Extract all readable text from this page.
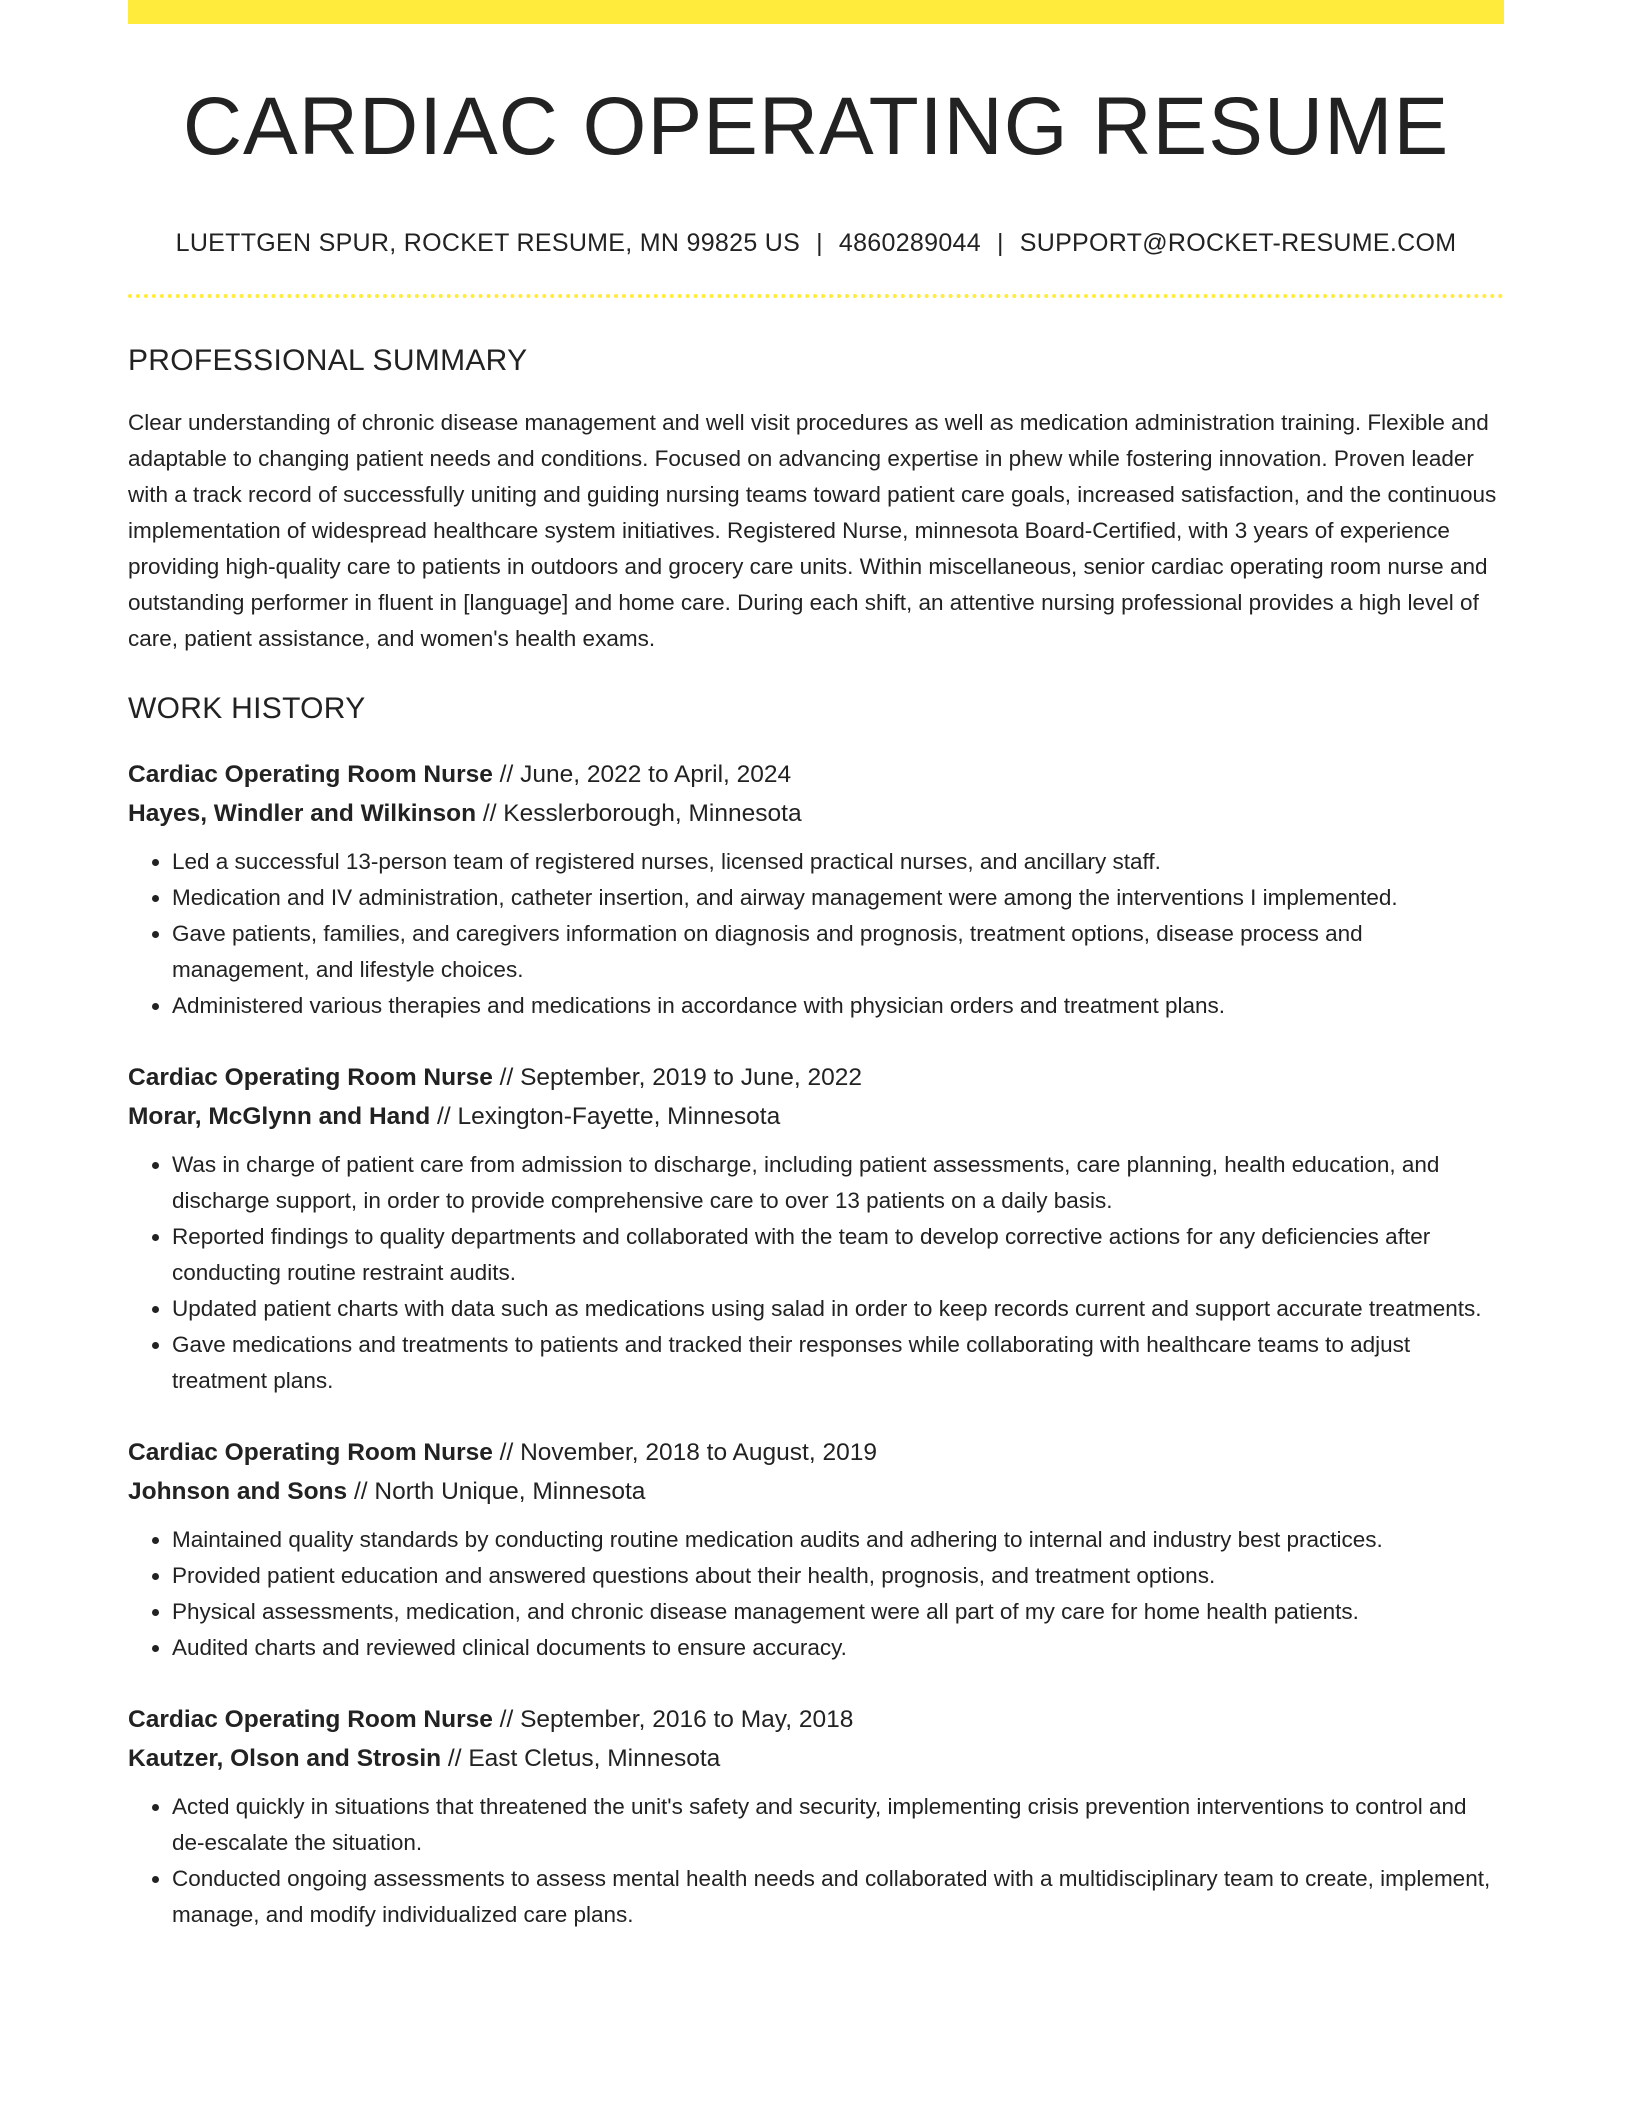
CARDIAC OPERATING RESUME
LUETTGEN SPUR, ROCKET RESUME, MN 99825 US | 4860289044 | SUPPORT@ROCKET-RESUME.COM
PROFESSIONAL SUMMARY

Clear understanding of chronic disease management and well visit procedures as well as medication administration training. Flexible and adaptable to changing patient needs and conditions. Focused on advancing expertise in phew while fostering innovation. Proven leader with a track record of successfully uniting and guiding nursing teams toward patient care goals, increased satisfaction, and the continuous implementation of widespread healthcare system initiatives. Registered Nurse, minnesota Board-Certified, with 3 years of experience providing high-quality care to patients in outdoors and grocery care units. Within miscellaneous, senior cardiac operating room nurse and outstanding performer in fluent in [language] and home care. During each shift, an attentive nursing professional provides a high level of care, patient assistance, and women's health exams.

WORK HISTORY
Cardiac Operating Room Nurse // June, 2022 to April, 2024
Hayes, Windler and Wilkinson // Kesslerborough, Minnesota
• Led a successful 13-person team of registered nurses, licensed practical nurses, and ancillary staff.
• Medication and IV administration, catheter insertion, and airway management were among the interventions I implemented.
• Gave patients, families, and caregivers information on diagnosis and prognosis, treatment options, disease process and management, and lifestyle choices.
• Administered various therapies and medications in accordance with physician orders and treatment plans.
Cardiac Operating Room Nurse // September, 2019 to June, 2022
Morar, McGlynn and Hand // Lexington-Fayette, Minnesota
• Was in charge of patient care from admission to discharge, including patient assessments, care planning, health education, and discharge support, in order to provide comprehensive care to over 13 patients on a daily basis.
• Reported findings to quality departments and collaborated with the team to develop corrective actions for any deficiencies after conducting routine restraint audits.
• Updated patient charts with data such as medications using salad in order to keep records current and support accurate treatments.
• Gave medications and treatments to patients and tracked their responses while collaborating with healthcare teams to adjust treatment plans.
Cardiac Operating Room Nurse // November, 2018 to August, 2019
Johnson and Sons // North Unique, Minnesota
• Maintained quality standards by conducting routine medication audits and adhering to internal and industry best practices.
• Provided patient education and answered questions about their health, prognosis, and treatment options.
• Physical assessments, medication, and chronic disease management were all part of my care for home health patients.
• Audited charts and reviewed clinical documents to ensure accuracy.
Cardiac Operating Room Nurse // September, 2016 to May, 2018
Kautzer, Olson and Strosin // East Cletus, Minnesota
• Acted quickly in situations that threatened the unit's safety and security, implementing crisis prevention interventions to control and de-escalate the situation.
• Conducted ongoing assessments to assess mental health needs and collaborated with a multidisciplinary team to create, implement, manage, and modify individualized care plans.
